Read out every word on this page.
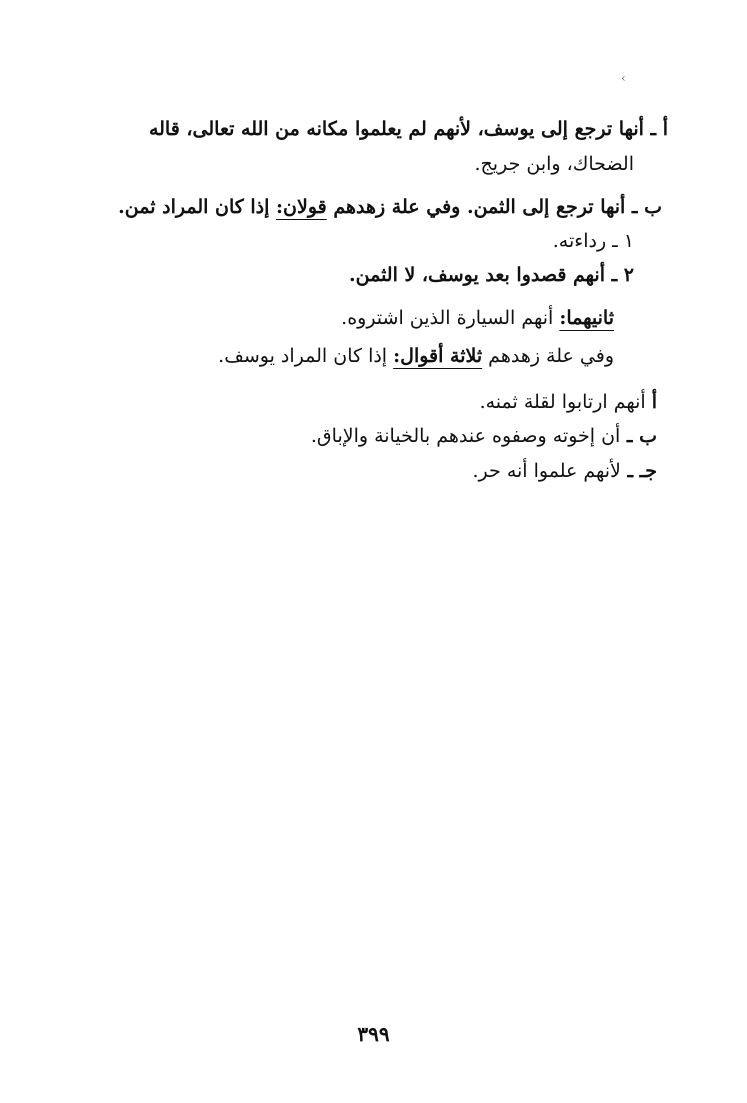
‹
أ ـ أنها ترجع إلى يوسف، لأنهم لم يعلموا مكانه من الله تعالى، قاله
الضحاك، وابن جريج.
ب ـ أنها ترجع إلى الثمن. وفي علة زهدهم قولان: إذا كان المراد ثمن.
١ ـ رداءته.
٢ ـ أنهم قصدوا بعد يوسف، لا الثمن.
ثانيهما: أنهم السيارة الذين اشتروه.
وفي علة زهدهم ثلاثة أقوال: إذا كان المراد يوسف.
أ أنهم ارتابوا لقلة ثمنه.
ب ـ أن إخوته وصفوه عندهم بالخيانة والإباق.
جـ ـ لأنهم علموا أنه حر.
٣٩٩
